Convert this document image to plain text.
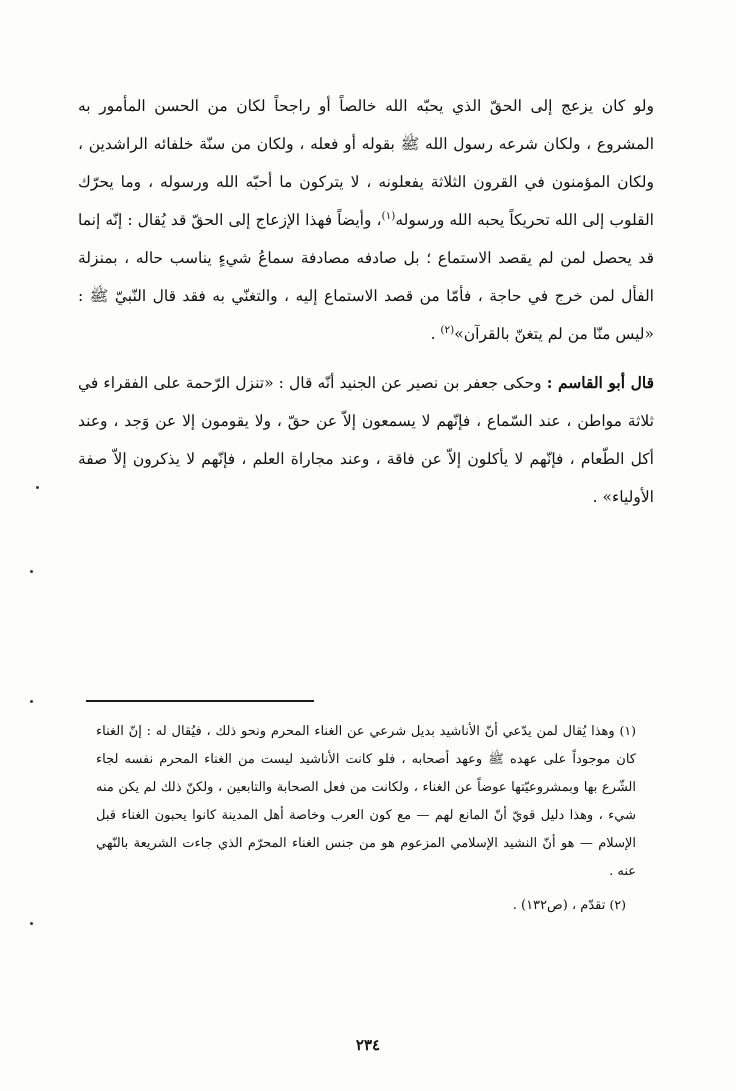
ولو كان يزعج إلى الحقّ الذي يحبّه الله خالصاً أو راجحاً لكان من الحسن المأمور به المشروع ، ولكان شرعه رسول الله ﷺ بقوله أو فعله ، ولكان من سنّة خلفائه الراشدين ، ولكان المؤمنون في القرون الثلاثة يفعلونه ، لا يتركون ما أحبّه الله ورسوله ، وما يحرّك القلوب إلى الله تحريكاً يحبه الله ورسوله$^{(١)}$، وأيضاً فهذا الإزعاج إلى الحقّ قد يُقال : إنّه إنما قد يحصل لمن لم يقصد الاستماع ؛ بل صادفه مصادفة سماعُ شيءٍ يناسب حاله ، بمنزلة الفأل لمن خرج في حاجة ، فأمّا من قصد الاستماع إليه ، والتغنّي به فقد قال النّبيّ ﷺ : «ليس منّا من لم يتغنّ بالقرآن»$^{(٢)}$ .

قال أبو القاسم : وحكى جعفر بن نصير عن الجنيد أنّه قال : «تنزل الرّحمة على الفقراء في ثلاثة مواطن ، عند السّماع ، فإنّهم لا يسمعون إلاّ عن حقّ ، ولا يقومون إلا عن وَجد ، وعند أكل الطّعام ، فإنّهم لا يأكلون إلاّ عن فاقة ، وعند مجاراة العلم ، فإنّهم لا يذكرون إلاّ صفة الأولياء» .

(١) وهذا يُقال لمن يدّعي أنّ الأناشيد بديل شرعي عن الغناء المحرم ونحو ذلك ، فيُقال له : إنّ الغناء كان موجوداً على عهده ﷺ وعهد أصحابه ، فلو كانت الأناشيد ليست من الغناء المحرم نفسه لجاء الشّرع بها وبمشروعيّتها عوضاً عن الغناء ، ولكانت من فعل الصحابة والتابعين ، ولكنّ ذلك لم يكن منه شيء ، وهذا دليل قويّ أنّ المانع لهم — مع كون العرب وخاصة أهل المدينة كانوا يحبون الغناء قبل الإسلام — هو أنّ النشيد الإسلامي المزعوم هو من جنس الغناء المحرّم الذي جاءت الشريعة بالنّهي عنه .

(٢) تقدّم ، (ص١٣٢) .

٢٣٤
